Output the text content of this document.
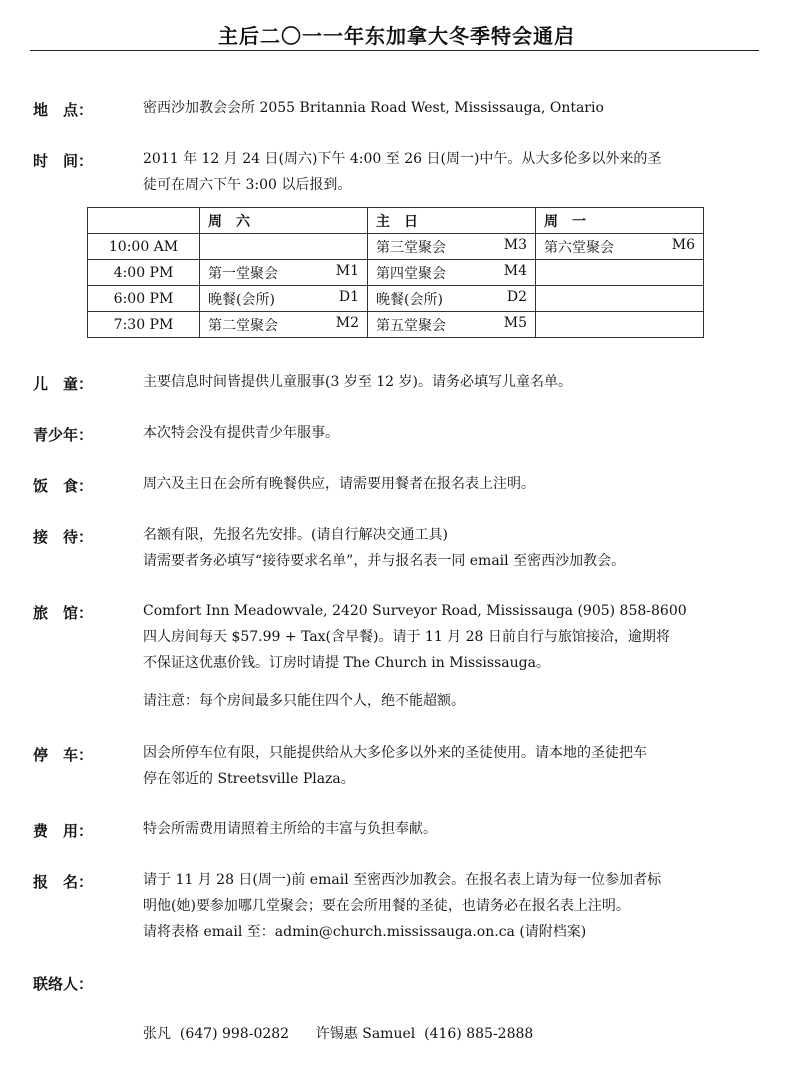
主后二〇一一年东加拿大冬季特会通启
地　点：	密西沙加教会会所 2055 Britannia Road West, Mississauga, Ontario

时　间：	2011 年 12 月 24 日(周六)下午 4:00 至 26 日(周一)中午。从大多伦多以外来的圣

徒可在周六下午 3:00 以后报到。

	周　六	主　日	周　一
10:00 AM		第三堂聚会 M3	第六堂聚会 M6

4:00 PM	第一堂聚会 M1	第四堂聚会 M4	

6:00 PM	晚餐(会所) D1	晚餐(会所) D2	

7:30 PM	第二堂聚会 M2	第五堂聚会 M5	

儿　童：	主要信息时间皆提供儿童服事(3 岁至 12 岁)。请务必填写儿童名单。

青少年：	本次特会没有提供青少年服事。

饭　食：	周六及主日在会所有晚餐供应，请需要用餐者在报名表上注明。

接　待：	名额有限，先报名先安排。(请自行解决交通工具)

请需要者务必填写“接待要求名单”，并与报名表一同 email 至密西沙加教会。

旅　馆：	Comfort Inn Meadowvale, 2420 Surveyor Road, Mississauga (905) 858-8600

四人房间每天 $57.99 + Tax(含早餐)。请于 11 月 28 日前自行与旅馆接洽，逾期将

不保证这优惠价钱。订房时请提 The Church in Mississauga。

请注意：每个房间最多只能住四个人，绝不能超额。

停　车：	因会所停车位有限，只能提供给从大多伦多以外来的圣徒使用。请本地的圣徒把车

停在邻近的 Streetsville Plaza。

费　用：	特会所需费用请照着主所给的丰富与负担奉献。

报　名：	请于 11 月 28 日(周一)前 email 至密西沙加教会。在报名表上请为每一位参加者标

明他(她)要参加哪几堂聚会；要在会所用餐的圣徒，也请务必在报名表上注明。

请将表格 email 至：admin@church.mississauga.on.ca (请附档案)

联络人：

张凡  (647) 998-0282      许锡惠 Samuel  (416) 885-2888
